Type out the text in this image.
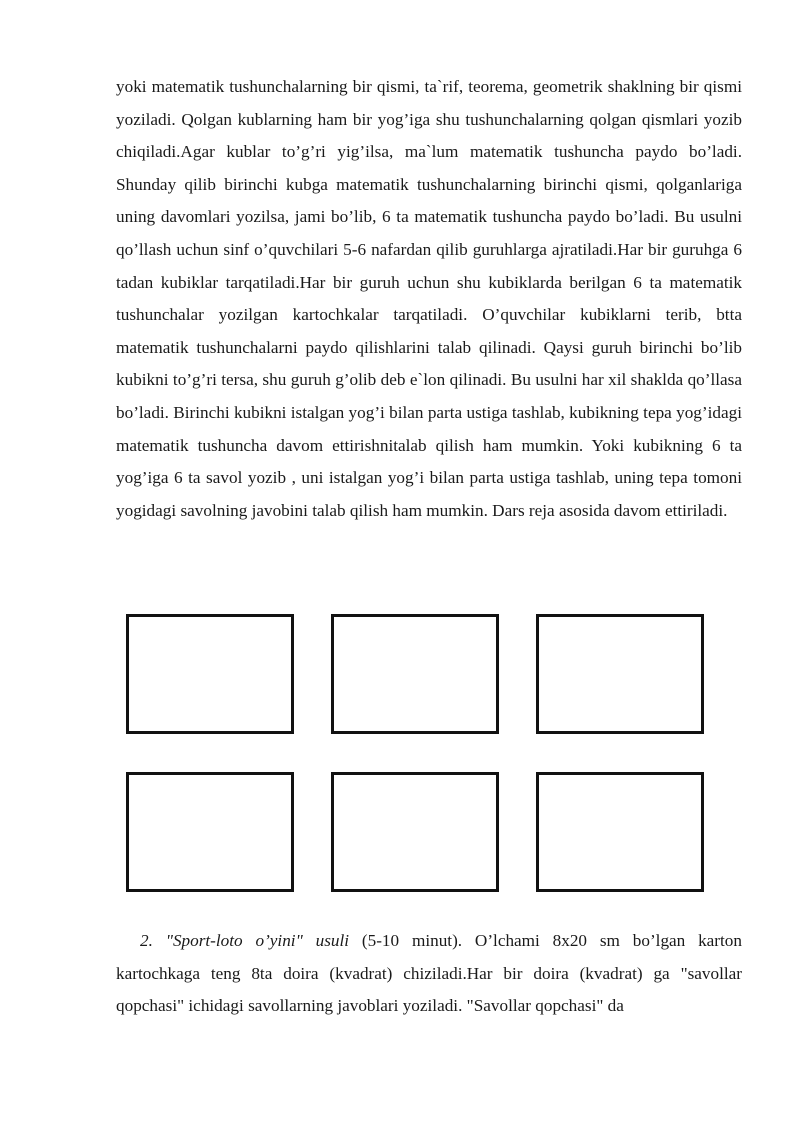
yoki matematik tushunchalarning bir qismi, ta`rif, teorema, geometrik shaklning bir qismi yoziladi. Qolgan kublarning ham bir yog’iga shu tushunchalarning qolgan qismlari yozib chiqiladi.Agar kublar to’g’ri yig’ilsa, ma`lum matematik tushuncha paydo bo’ladi. Shunday qilib birinchi kubga matematik tushunchalarning birinchi qismi, qolganlariga uning davomlari yozilsa, jami bo’lib, 6 ta matematik tushuncha paydo bo’ladi. Bu usulni qo’llash uchun sinf o’quvchilari 5-6 nafardan qilib guruhlarga ajratiladi.Har bir guruhga 6 tadan kubiklar tarqatiladi.Har bir guruh uchun shu kubiklarda berilgan 6 ta matematik tushunchalar yozilgan kartochkalar tarqatiladi. O’quvchilar kubiklarni terib, btta matematik tushunchalarni paydo qilishlarini talab qilinadi. Qaysi guruh birinchi bo’lib kubikni to’g’ri tersa, shu guruh g’olib deb e`lon qilinadi. Bu usulni har xil shaklda qo’llasa bo’ladi. Birinchi kubikni istalgan yog’i bilan parta ustiga tashlab, kubikning tepa yog’idagi matematik tushuncha davom ettirishnitalab qilish ham mumkin. Yoki kubikning 6 ta yog’iga 6 ta savol yozib , uni istalgan yog’i bilan parta ustiga tashlab, uning tepa tomoni yogidagi savolning javobini talab qilish ham mumkin. Dars reja asosida davom ettiriladi.

2. "Sport-loto o’yini" usuli (5-10 minut). O’lchami 8x20 sm bo’lgan karton kartochkaga teng 8ta doira (kvadrat) chiziladi.Har bir doira (kvadrat) ga "savollar qopchasi" ichidagi savollarning javoblari yoziladi. "Savollar qopchasi" da
